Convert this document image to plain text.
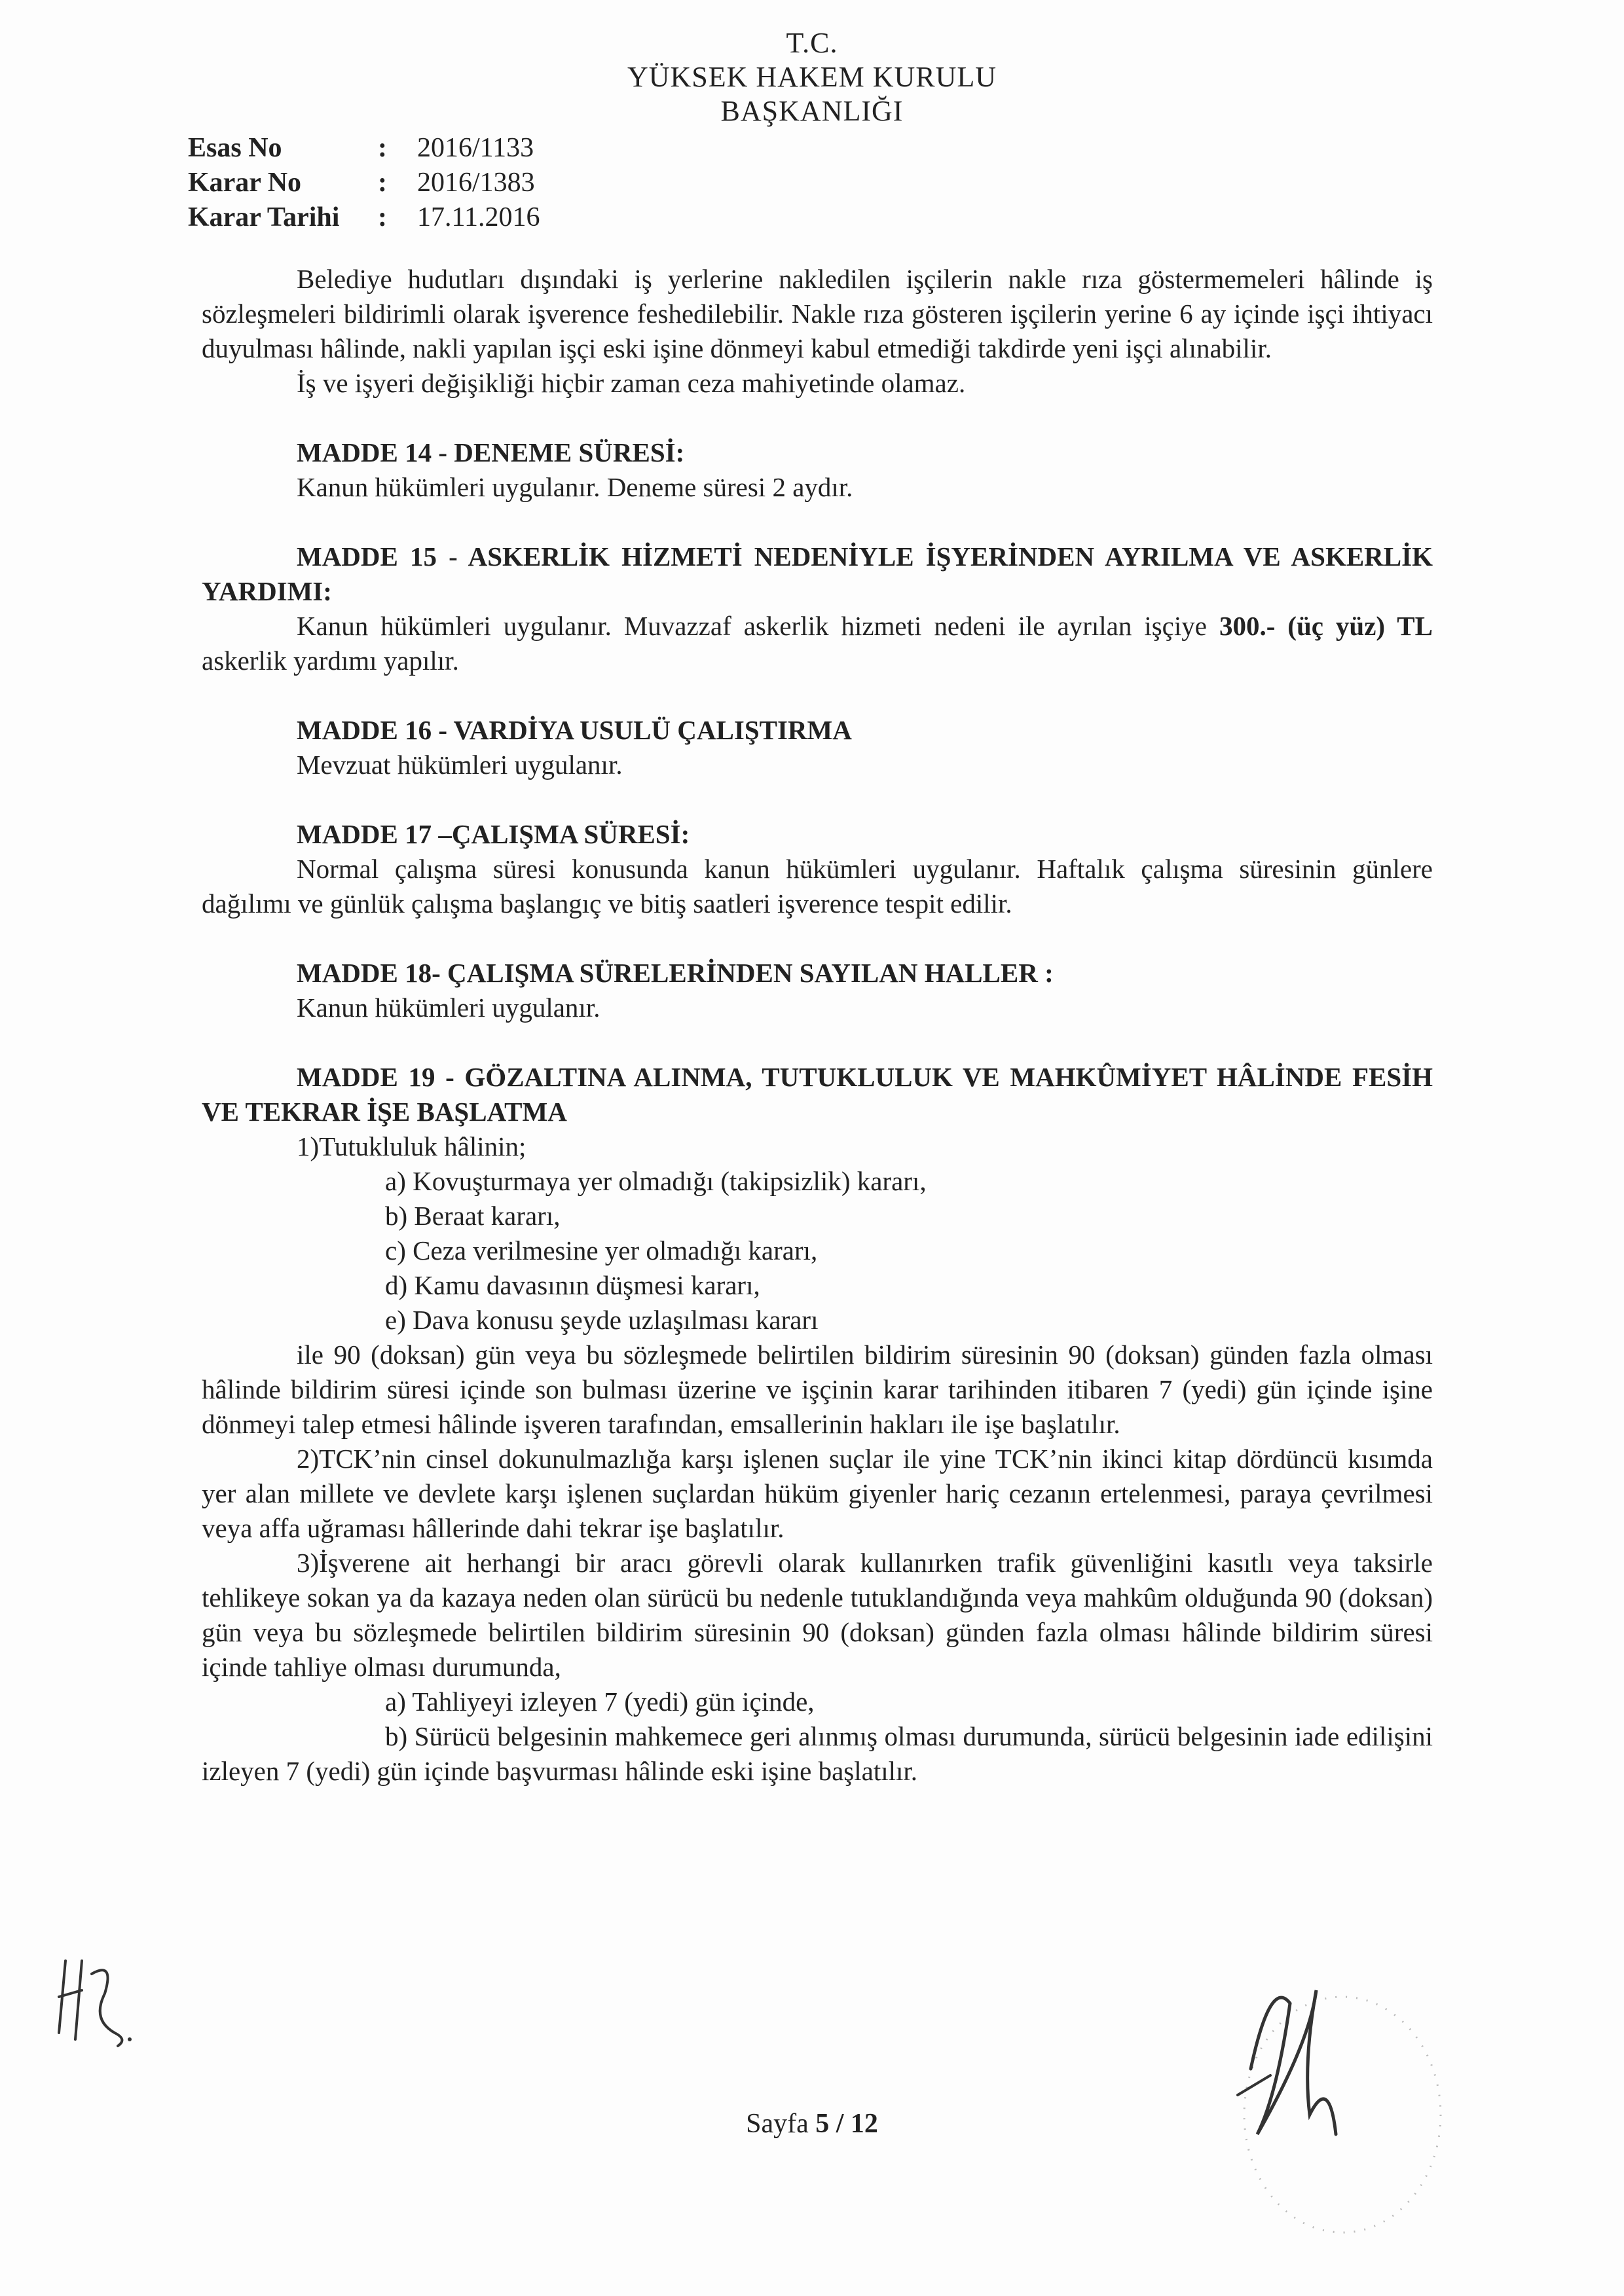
T.C.
YÜKSEK HAKEM KURULU
BAŞKANLIĞI
Esas No	:	2016/1133
Karar No	:	2016/1383
Karar Tarihi	:	17.11.2016

Belediye hudutları dışındaki iş yerlerine nakledilen işçilerin nakle rıza göstermemeleri hâlinde iş sözleşmeleri bildirimli olarak işverence feshedilebilir. Nakle rıza gösteren işçilerin yerine 6 ay içinde işçi ihtiyacı duyulması hâlinde, nakli yapılan işçi eski işine dönmeyi kabul etmediği takdirde yeni işçi alınabilir.

İş ve işyeri değişikliği hiçbir zaman ceza mahiyetinde olamaz.

MADDE 14 - DENEME SÜRESİ:

Kanun hükümleri uygulanır. Deneme süresi 2 aydır.

MADDE 15 - ASKERLİK HİZMETİ NEDENİYLE İŞYERİNDEN AYRILMA VE ASKERLİK YARDIMI:

Kanun hükümleri uygulanır. Muvazzaf askerlik hizmeti nedeni ile ayrılan işçiye 300.- (üç yüz) TL askerlik yardımı yapılır.

MADDE 16 - VARDİYA USULÜ ÇALIŞTIRMA

Mevzuat hükümleri uygulanır.

MADDE 17 –ÇALIŞMA SÜRESİ:

Normal çalışma süresi konusunda kanun hükümleri uygulanır. Haftalık çalışma süresinin günlere dağılımı ve günlük çalışma başlangıç ve bitiş saatleri işverence tespit edilir.

MADDE 18- ÇALIŞMA SÜRELERİNDEN SAYILAN HALLER :

Kanun hükümleri uygulanır.

MADDE 19 - GÖZALTINA ALINMA, TUTUKLULUK VE MAHKÛMİYET HÂLİNDE FESİH VE TEKRAR İŞE BAŞLATMA

1)Tutukluluk hâlinin;

a) Kovuşturmaya yer olmadığı (takipsizlik) kararı,

b) Beraat kararı,

c) Ceza verilmesine yer olmadığı kararı,

d) Kamu davasının düşmesi kararı,

e) Dava konusu şeyde uzlaşılması kararı

ile 90 (doksan) gün veya bu sözleşmede belirtilen bildirim süresinin 90 (doksan) günden fazla olması hâlinde bildirim süresi içinde son bulması üzerine ve işçinin karar tarihinden itibaren 7 (yedi) gün içinde işine dönmeyi talep etmesi hâlinde işveren tarafından, emsallerinin hakları ile işe başlatılır.

2)TCK’nin cinsel dokunulmazlığa karşı işlenen suçlar ile yine TCK’nin ikinci kitap dördüncü kısımda yer alan millete ve devlete karşı işlenen suçlardan hüküm giyenler hariç cezanın ertelenmesi, paraya çevrilmesi veya affa uğraması hâllerinde dahi tekrar işe başlatılır.

3)İşverene ait herhangi bir aracı görevli olarak kullanırken trafik güvenliğini kasıtlı veya taksirle tehlikeye sokan ya da kazaya neden olan sürücü bu nedenle tutuklandığında veya mahkûm olduğunda 90 (doksan) gün veya bu sözleşmede belirtilen bildirim süresinin 90 (doksan) günden fazla olması hâlinde bildirim süresi içinde tahliye olması durumunda,

a) Tahliyeyi izleyen 7 (yedi) gün içinde,

b) Sürücü belgesinin mahkemece geri alınmış olması durumunda, sürücü belgesinin iade edilişini izleyen 7 (yedi) gün içinde başvurması hâlinde eski işine başlatılır.

Sayfa 5 / 12
